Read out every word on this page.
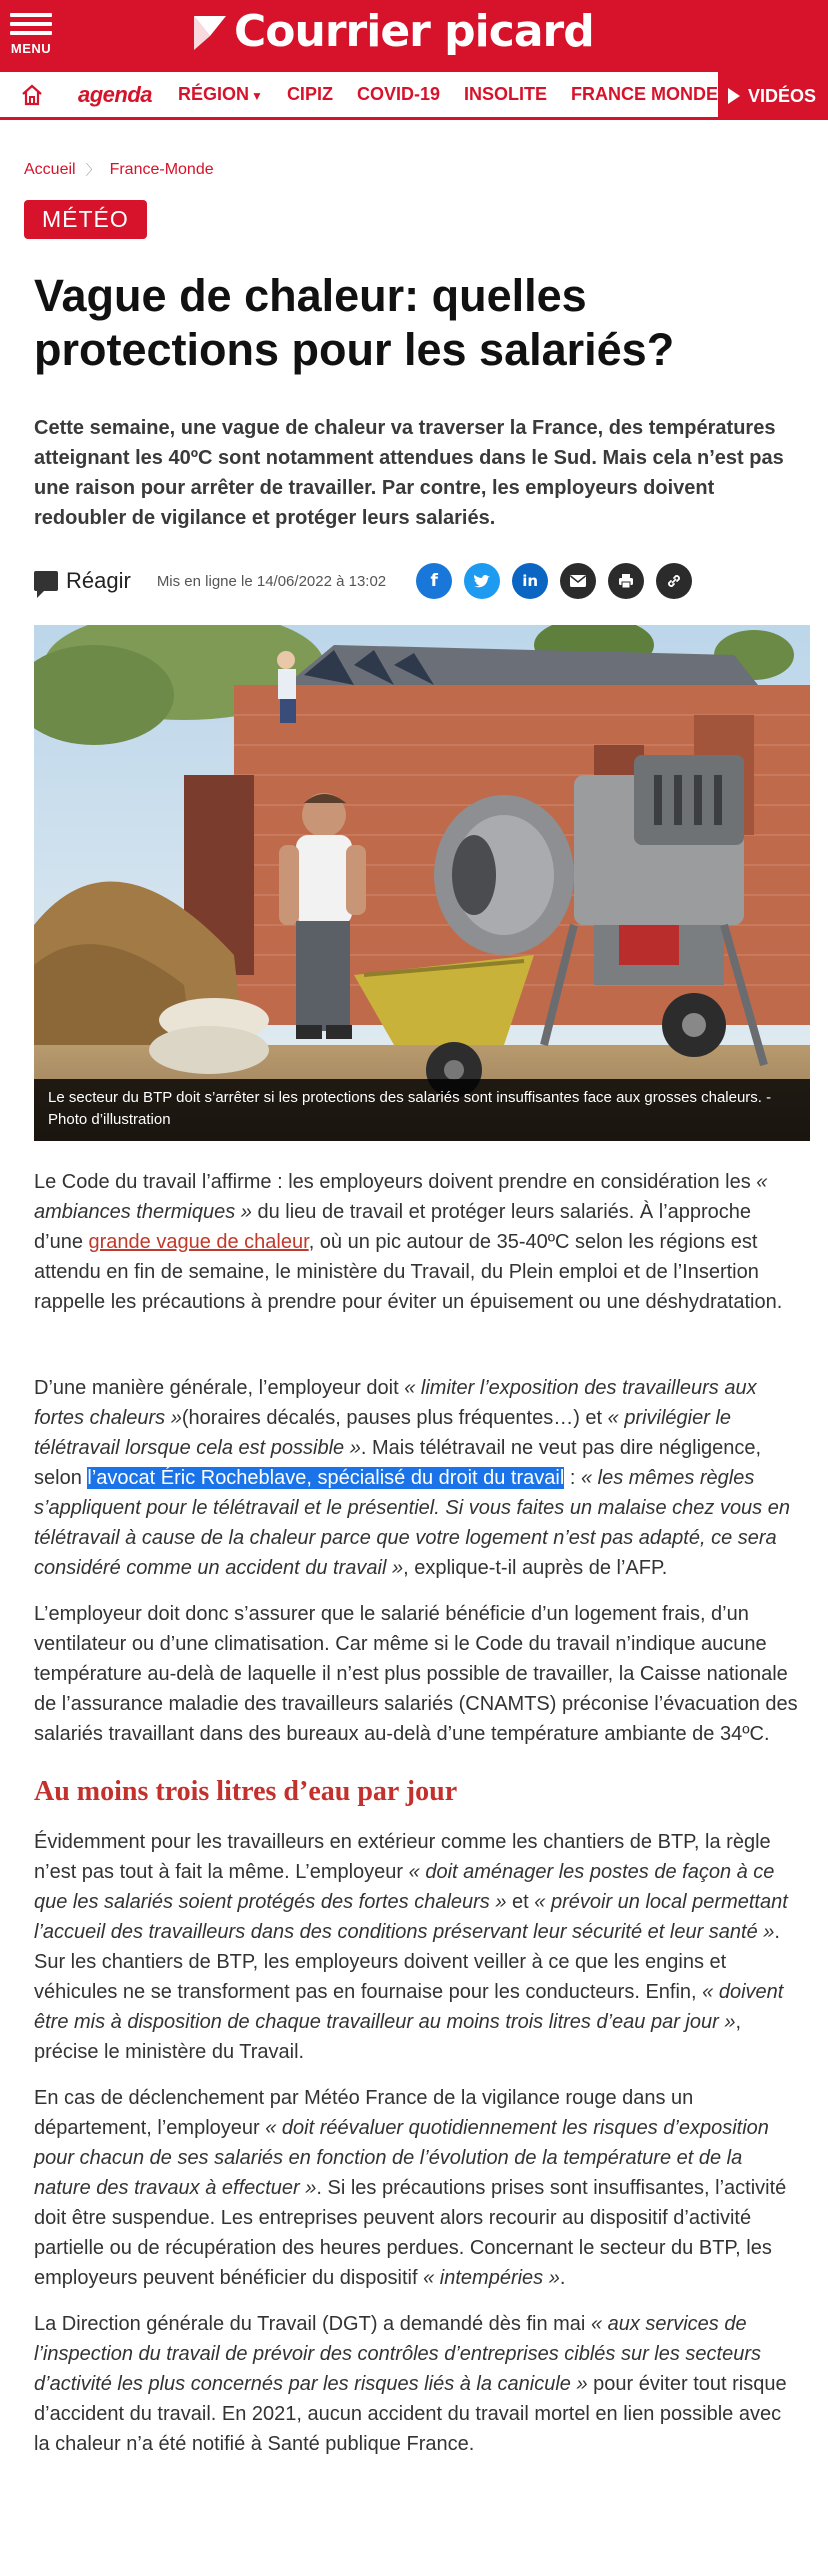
MENU	Courrier picard
agenda	RÉGION ▼	CIPIZ	COVID-19	INSOLITE	FRANCE MONDE	VIDÉOS
Accueil 〉 France-Monde
MÉTÉO
Vague de chaleur: quelles protections pour les salariés?

Cette semaine, une vague de chaleur va traverser la France, des températures atteignant les 40ºC sont notamment attendues dans le Sud. Mais cela n’est pas une raison pour arrêter de travailler. Par contre, les employeurs doivent redoubler de vigilance et protéger leurs salariés.

Réagir Mis en ligne le 14/06/2022 à 13:02	f	in
Le secteur du BTP doit s’arrêter si les protections des salariés sont insuffisantes face aux grosses chaleurs. - Photo d’illustration

Le Code du travail l’affirme : les employeurs doivent prendre en considération les « ambiances thermiques » du lieu de travail et protéger leurs salariés. À l’approche d’une grande vague de chaleur, où un pic autour de 35-40ºC selon les régions est attendu en fin de semaine, le ministère du Travail, du Plein emploi et de l’Insertion rappelle les précautions à prendre pour éviter un épuisement ou une déshydratation.

D’une manière générale, l’employeur doit « limiter l’exposition des travailleurs aux fortes chaleurs »(horaires décalés, pauses plus fréquentes…) et « privilégier le télétravail lorsque cela est possible ». Mais télétravail ne veut pas dire négligence, selon l’avocat Éric Rocheblave, spécialisé du droit du travail : « les mêmes règles s’appliquent pour le télétravail et le présentiel. Si vous faites un malaise chez vous en télétravail à cause de la chaleur parce que votre logement n’est pas adapté, ce sera considéré comme un accident du travail », explique-t-il auprès de l’AFP.

L’employeur doit donc s’assurer que le salarié bénéficie d’un logement frais, d’un ventilateur ou d’une climatisation. Car même si le Code du travail n’indique aucune température au-delà de laquelle il n’est plus possible de travailler, la Caisse nationale de l’assurance maladie des travailleurs salariés (CNAMTS) préconise l’évacuation des salariés travaillant dans des bureaux au-delà d’une température ambiante de 34ºC.

Au moins trois litres d’eau par jour

Évidemment pour les travailleurs en extérieur comme les chantiers de BTP, la règle n’est pas tout à fait la même. L’employeur « doit aménager les postes de façon à ce que les salariés soient protégés des fortes chaleurs » et « prévoir un local permettant l’accueil des travailleurs dans des conditions préservant leur sécurité et leur santé ». Sur les chantiers de BTP, les employeurs doivent veiller à ce que les engins et véhicules ne se transforment pas en fournaise pour les conducteurs. Enfin, « doivent être mis à disposition de chaque travailleur au moins trois litres d’eau par jour », précise le ministère du Travail.

En cas de déclenchement par Météo France de la vigilance rouge dans un département, l’employeur « doit réévaluer quotidiennement les risques d’exposition pour chacun de ses salariés en fonction de l’évolution de la température et de la nature des travaux à effectuer ». Si les précautions prises sont insuffisantes, l’activité doit être suspendue. Les entreprises peuvent alors recourir au dispositif d’activité partielle ou de récupération des heures perdues. Concernant le secteur du BTP, les employeurs peuvent bénéficier du dispositif « intempéries ».

La Direction générale du Travail (DGT) a demandé dès fin mai « aux services de l’inspection du travail de prévoir des contrôles d’entreprises ciblés sur les secteurs d’activité les plus concernés par les risques liés à la canicule » pour éviter tout risque d’accident du travail. En 2021, aucun accident du travail mortel en lien possible avec la chaleur n’a été notifié à Santé publique France.
